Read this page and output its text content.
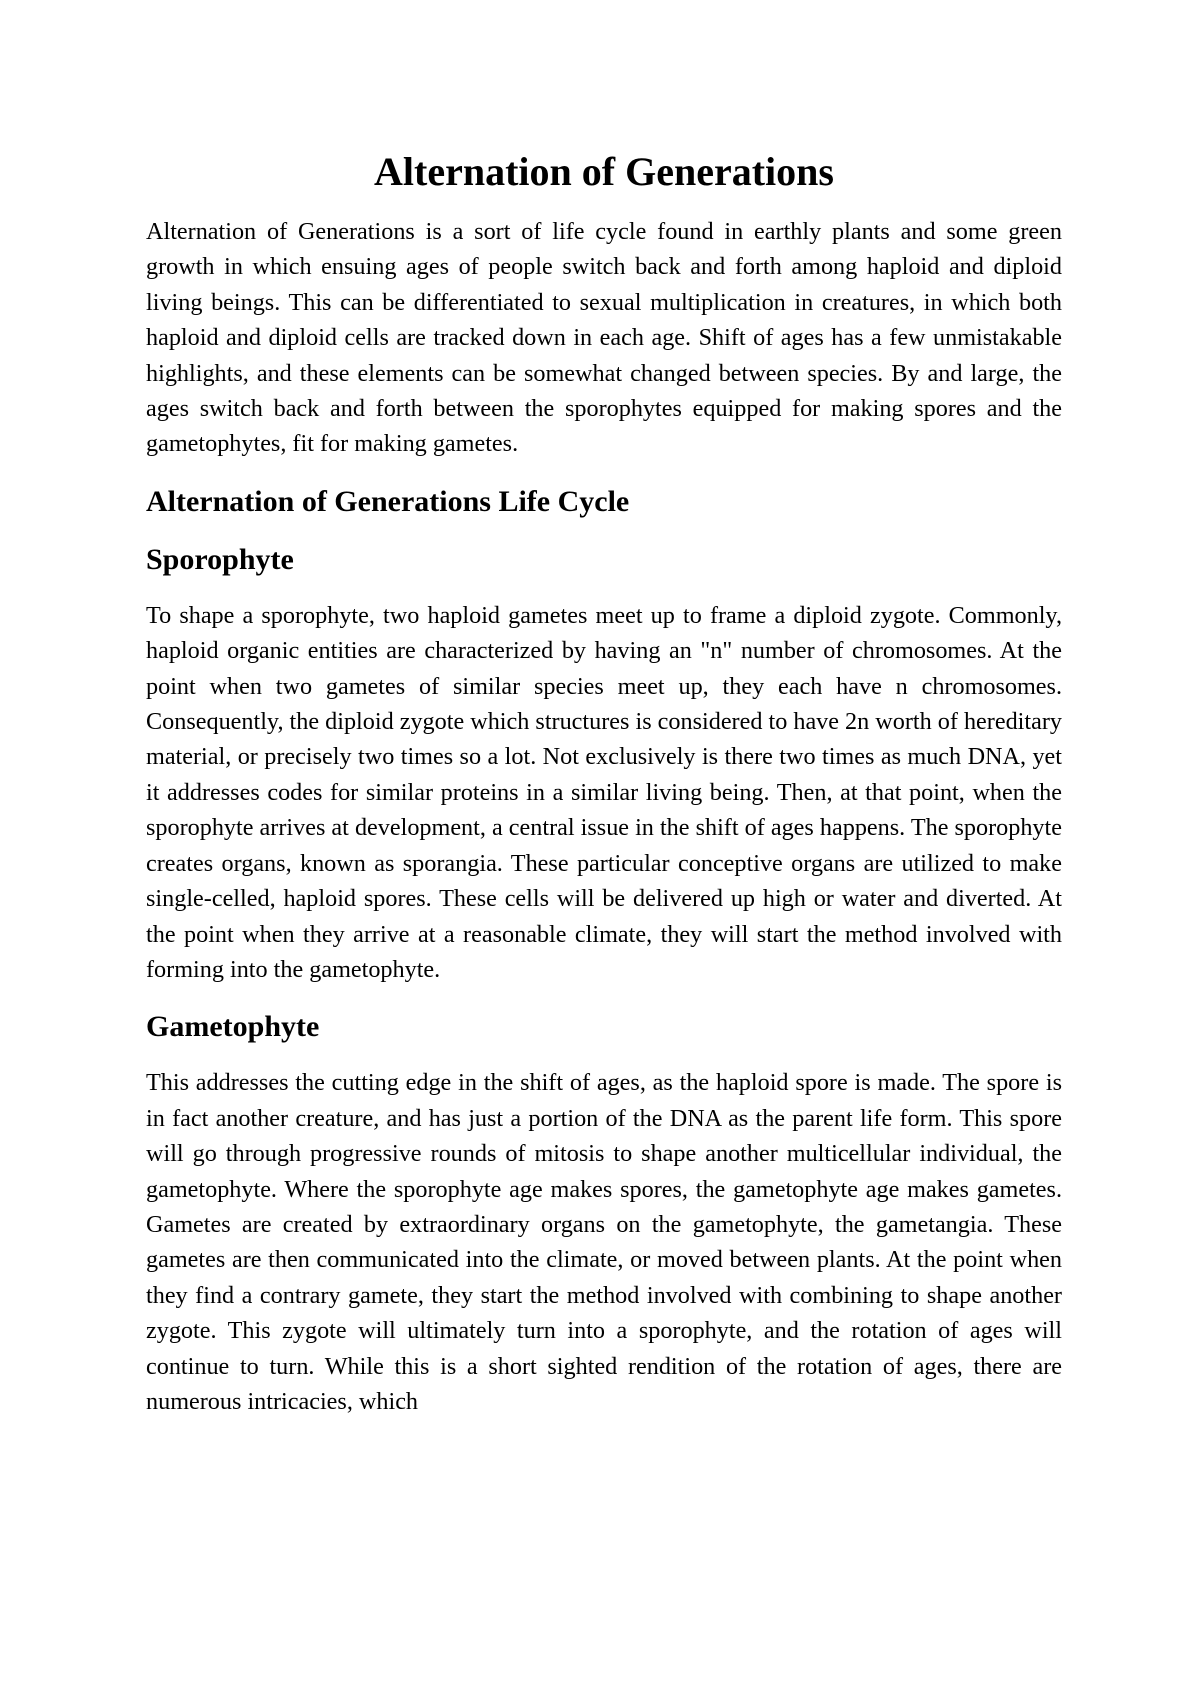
Alternation of Generations

Alternation of Generations is a sort of life cycle found in earthly plants and some green growth in which ensuing ages of people switch back and forth among haploid and diploid living beings. This can be differentiated to sexual multiplication in creatures, in which both haploid and diploid cells are tracked down in each age. Shift of ages has a few unmistakable highlights, and these elements can be somewhat changed between species. By and large, the ages switch back and forth between the sporophytes equipped for making spores and the gametophytes, fit for making gametes.

Alternation of Generations Life Cycle
Sporophyte

To shape a sporophyte, two haploid gametes meet up to frame a diploid zygote. Commonly, haploid organic entities are characterized by having an "n" number of chromosomes. At the point when two gametes of similar species meet up, they each have n chromosomes. Consequently, the diploid zygote which structures is considered to have 2n worth of hereditary material, or precisely two times so a lot. Not exclusively is there two times as much DNA, yet it addresses codes for similar proteins in a similar living being. Then, at that point, when the sporophyte arrives at development, a central issue in the shift of ages happens. The sporophyte creates organs, known as sporangia. These particular conceptive organs are utilized to make single-celled, haploid spores. These cells will be delivered up high or water and diverted. At the point when they arrive at a reasonable climate, they will start the method involved with forming into the gametophyte.

Gametophyte

This addresses the cutting edge in the shift of ages, as the haploid spore is made. The spore is in fact another creature, and has just a portion of the DNA as the parent life form. This spore will go through progressive rounds of mitosis to shape another multicellular individual, the gametophyte. Where the sporophyte age makes spores, the gametophyte age makes gametes. Gametes are created by extraordinary organs on the gametophyte, the gametangia. These gametes are then communicated into the climate, or moved between plants. At the point when they find a contrary gamete, they start the method involved with combining to shape another zygote. This zygote will ultimately turn into a sporophyte, and the rotation of ages will continue to turn. While this is a short sighted rendition of the rotation of ages, there are numerous intricacies, which
